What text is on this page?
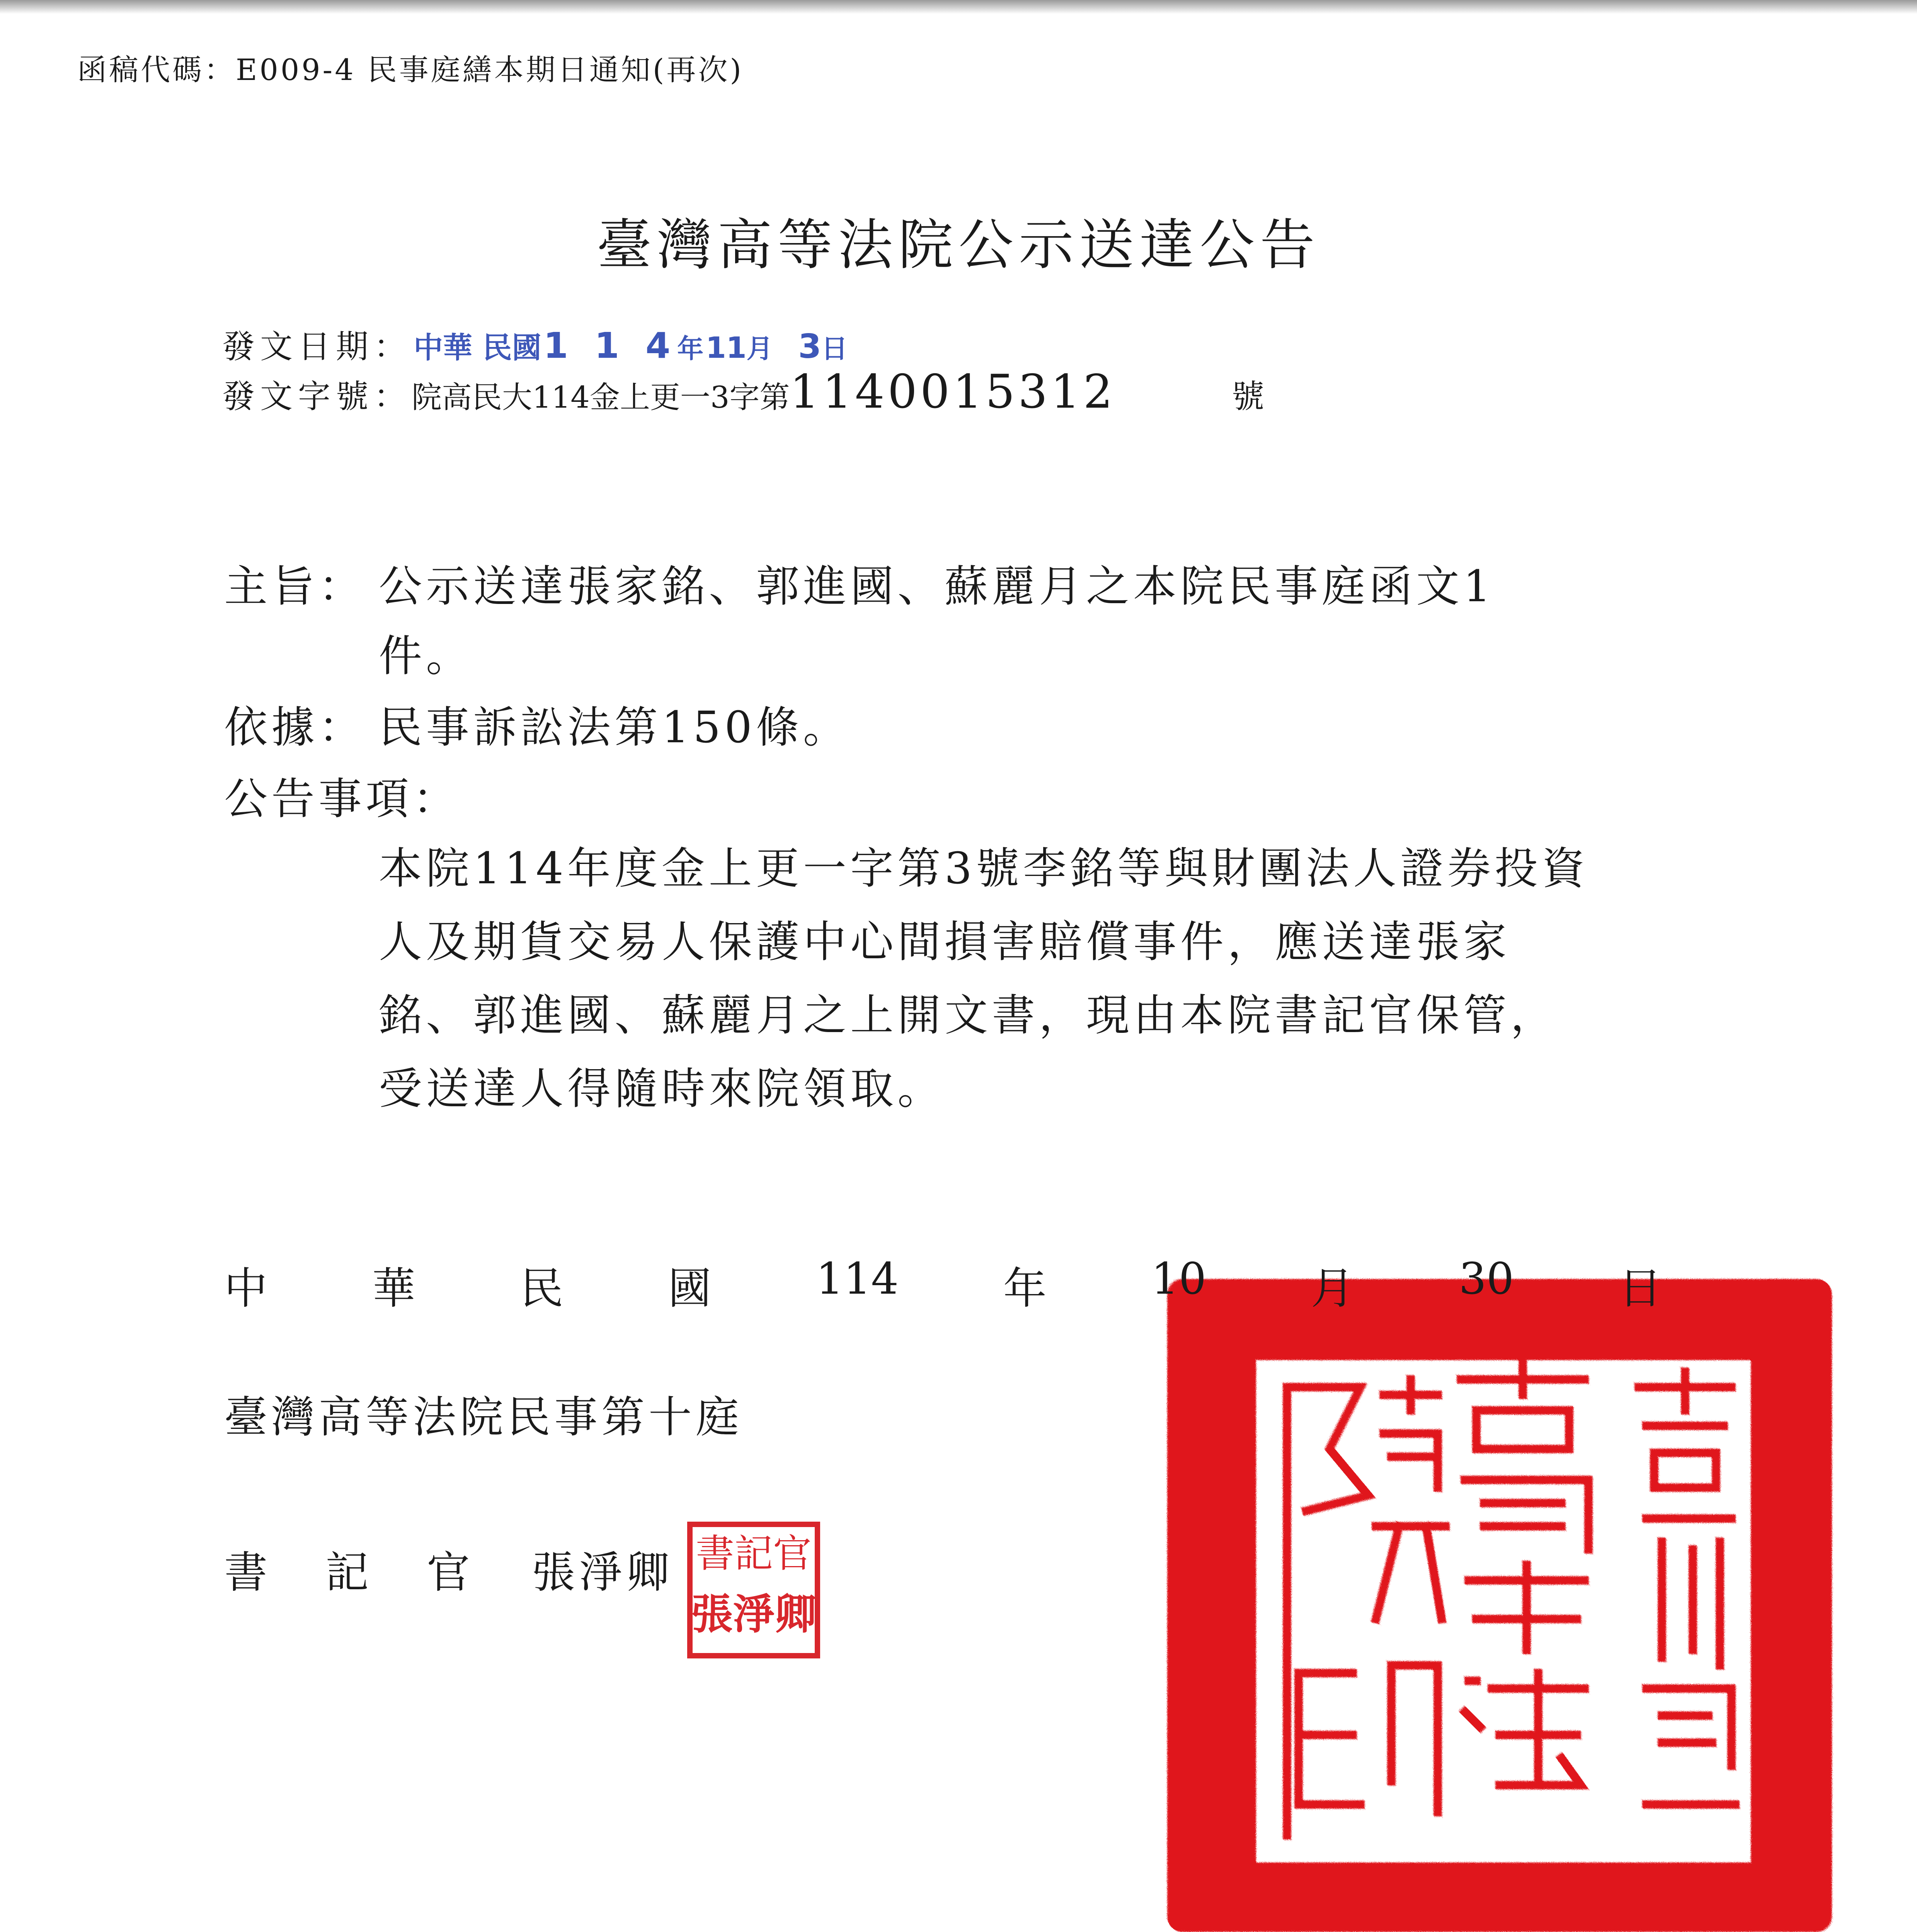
函稿代碼：E009-4 民事庭繕本期日通知(再次)
臺灣高等法院公示送達公告
發文日期： 中華 民國 1 1 4年 11月 3日
發文字號：院高民大114金上更一3字第1140015312	號
主旨： 公示送達張家銘、郭進國、蘇麗月之本院民事庭函文1
件。
依據： 民事訴訟法第150條。
公告事項：
本院114年度金上更一字第3號李銘等與財團法人證券投資
人及期貨交易人保護中心間損害賠償事件，應送達張家
銘、郭進國、蘇麗月之上開文書，現由本院書記官保管，
受送達人得隨時來院領取。
中 華 民 國 114 年 10 月 30 日
臺灣高等法院民事第十庭
書 記 官 張淨卿 書記官
張淨卿
